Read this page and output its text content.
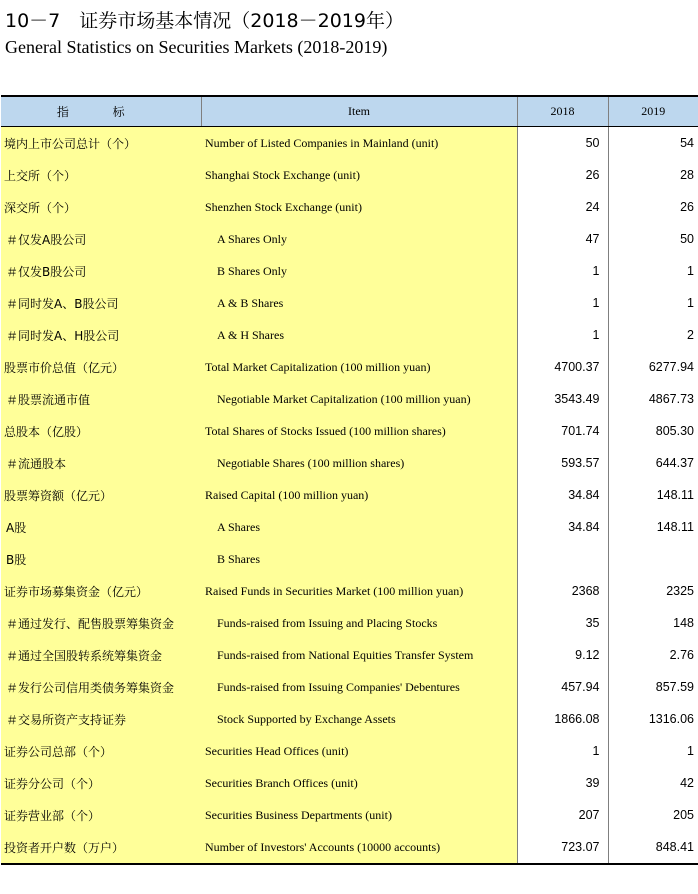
10－7　证券市场基本情况（2018－2019年）
General Statistics on Securities Markets (2018-2019)
指 标	Item	2018	2019
境内上市公司总计（个）	Number of Listed Companies in Mainland (unit)	50	54
上交所（个）	Shanghai Stock Exchange (unit)	26	28
深交所（个）	Shenzhen Stock Exchange (unit)	24	26
＃仅发A股公司	A Shares Only	47	50
＃仅发B股公司	B Shares Only	1	1
＃同时发A、B股公司	A & B Shares	1	1
＃同时发A、H股公司	A & H Shares	1	2
股票市价总值（亿元）	Total Market Capitalization (100 million yuan)	4700.37	6277.94
＃股票流通市值	Negotiable Market Capitalization (100 million yuan)	3543.49	4867.73
总股本（亿股）	Total Shares of Stocks Issued (100 million shares)	701.74	805.30
＃流通股本	Negotiable Shares (100 million shares)	593.57	644.37
股票筹资额（亿元）	Raised Capital (100 million yuan)	34.84	148.11
A股	A Shares	34.84	148.11
B股	B Shares		
证券市场募集资金（亿元）	Raised Funds in Securities Market (100 million yuan)	2368	2325
＃通过发行、配售股票筹集资金	Funds-raised from Issuing and Placing Stocks	35	148
＃通过全国股转系统筹集资金	Funds-raised from National Equities Transfer System	9.12	2.76
＃发行公司信用类债务筹集资金	Funds-raised from Issuing Companies' Debentures	457.94	857.59
＃交易所资产支持证券	Stock Supported by Exchange Assets	1866.08	1316.06
证券公司总部（个）	Securities Head Offices (unit)	1	1
证券分公司（个）	Securities Branch Offices (unit)	39	42
证券营业部（个）	Securities Business Departments (unit)	207	205
投资者开户数（万户）	Number of Investors' Accounts (10000 accounts)	723.07	848.41
